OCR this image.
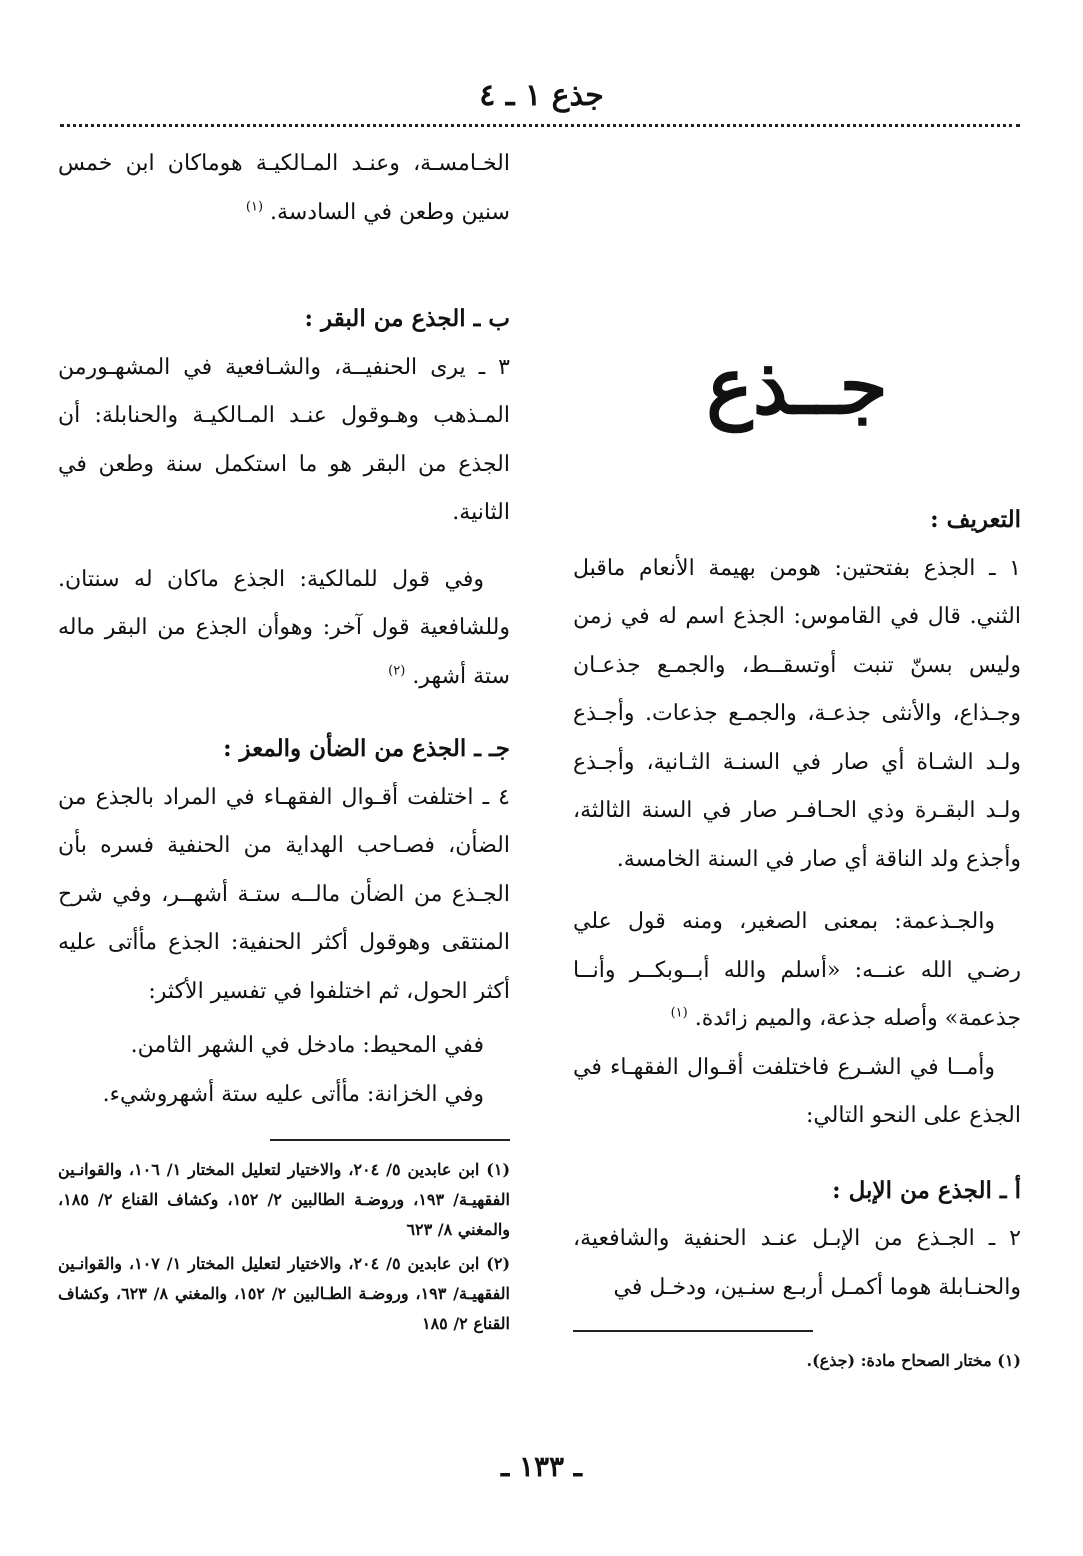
جذع ١ ـ ٤
جــذع

التعريف :

١ ـ الجذع بفتحتين: هومن بهيمة الأنعام ماقبل الثني. قال في القاموس: الجذع اسم له في زمن وليس بسنّ تنبت أوتسقــط، والجمـع جذعـان وجـذاع، والأنثى جذعـة، والجمـع جذعات. وأجـذع ولـد الشـاة أي صار في السنـة الثـانية، وأجـذع ولـد البقـرة وذي الحـافـر صار في السنة الثالثة، وأجذع ولد الناقة أي صار في السنة الخامسة.

والجـذعمة: بمعنى الصغير، ومنه قول علي رضـي الله عنــه: «أسلم والله أبــوبكــر وأنــا جذعمة» وأصله جذعة، والميم زائدة. $^{(١)}$

وأمــا في الشـرع فاختلفت أقـوال الفقهـاء في الجذع على النحو التالي:

أ ـ الجذع من الإبل :

٢ ـ الجـذع من الإبـل عنـد الحنفية والشافعية، والحنـابلة هوما أكمـل أربـع سنـين، ودخـل في

(١) مختار الصحاح مادة: (جذع).

الخـامسـة، وعنـد المـالكيـة هوماكان ابن خمس سنين وطعن في السادسة. $^{(١)}$

ب ـ الجذع من البقر :

٣ ـ يرى الحنفيــة، والشـافعية في المشهـورمن المـذهب وهـوقول عنـد المـالكيـة والحنابلة: أن الجذع من البقر هو ما استكمل سنة وطعن في الثانية.

وفي قول للمالكية: الجذع ماكان له سنتان. وللشافعية قول آخر: وهوأن الجذع من البقر ماله ستة أشهر. $^{(٢)}$

جـ ـ الجذع من الضأن والمعز :

٤ ـ اختلفت أقـوال الفقهـاء في المراد بالجذع من الضأن، فصـاحب الهداية من الحنفية فسره بأن الجـذع من الضأن مالــه ستـة أشهــر، وفي شرح المنتقى وهوقول أكثر الحنفية: الجذع مأأتى عليه أكثر الحول، ثم اختلفوا في تفسير الأكثر:

ففي المحيط: مادخل في الشهر الثامن.

وفي الخزانة: مأأتى عليه ستة أشهروشيء.

(١) ابن عابدين ٥/ ٢٠٤، والاختيار لتعليل المختار ١/ ١٠٦، والقوانـين الفقهيـة/ ١٩٣، وروضـة الطالبين ٢/ ١٥٢، وكشاف القناع ٢/ ١٨٥، والمغني ٨/ ٦٢٣

(٢) ابن عابدين ٥/ ٢٠٤، والاختيار لتعليل المختار ١/ ١٠٧، والقوانـين الفقهيـة/ ١٩٣، وروضـة الطـالبين ٢/ ١٥٢، والمغني ٨/ ٦٢٣، وكشاف القناع ٢/ ١٨٥

ـ ١٣٣ ـ
